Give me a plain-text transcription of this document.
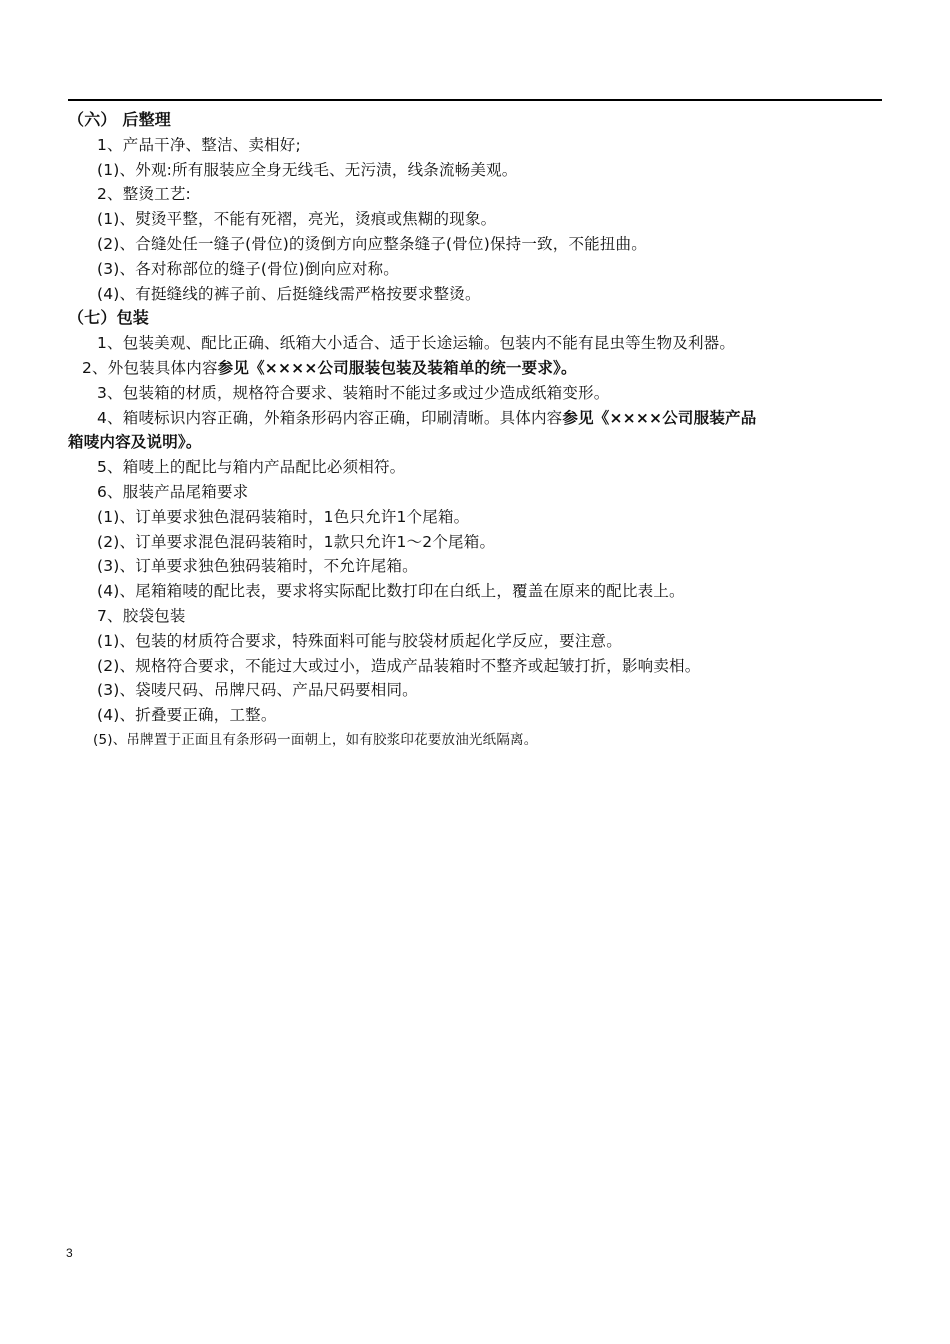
（六） 后整理
1、产品干净、整洁、卖相好;
(1)、外观:所有服装应全身无线毛、无污渍，线条流畅美观。
2、整烫工艺:
(1)、熨烫平整，不能有死褶，亮光，烫痕或焦糊的现象。
(2)、合缝处任一缝子(骨位)的烫倒方向应整条缝子(骨位)保持一致，不能扭曲。
(3)、各对称部位的缝子(骨位)倒向应对称。
(4)、有挺缝线的裤子前、后挺缝线需严格按要求整烫。
（七）包装
1、包装美观、配比正确、纸箱大小适合、适于长途运输。包装内不能有昆虫等生物及利器。
2、外包装具体内容参见《××××公司服装包装及装箱单的统一要求》。
3、包装箱的材质，规格符合要求、装箱时不能过多或过少造成纸箱变形。
4、箱唛标识内容正确，外箱条形码内容正确，印刷清晰。具体内容参见《××××公司服装产品
箱唛内容及说明》。
5、箱唛上的配比与箱内产品配比必须相符。
6、服装产品尾箱要求
(1)、订单要求独色混码装箱时，1色只允许1个尾箱。
(2)、订单要求混色混码装箱时，1款只允许1～2个尾箱。
(3)、订单要求独色独码装箱时，不允许尾箱。
(4)、尾箱箱唛的配比表，要求将实际配比数打印在白纸上，覆盖在原来的配比表上。
7、胶袋包装
(1)、包装的材质符合要求，特殊面料可能与胶袋材质起化学反应，要注意。
(2)、规格符合要求，不能过大或过小，造成产品装箱时不整齐或起皱打折，影响卖相。
(3)、袋唛尺码、吊牌尺码、产品尺码要相同。
(4)、折叠要正确，工整。
(5)、吊牌置于正面且有条形码一面朝上，如有胶浆印花要放油光纸隔离。
3
